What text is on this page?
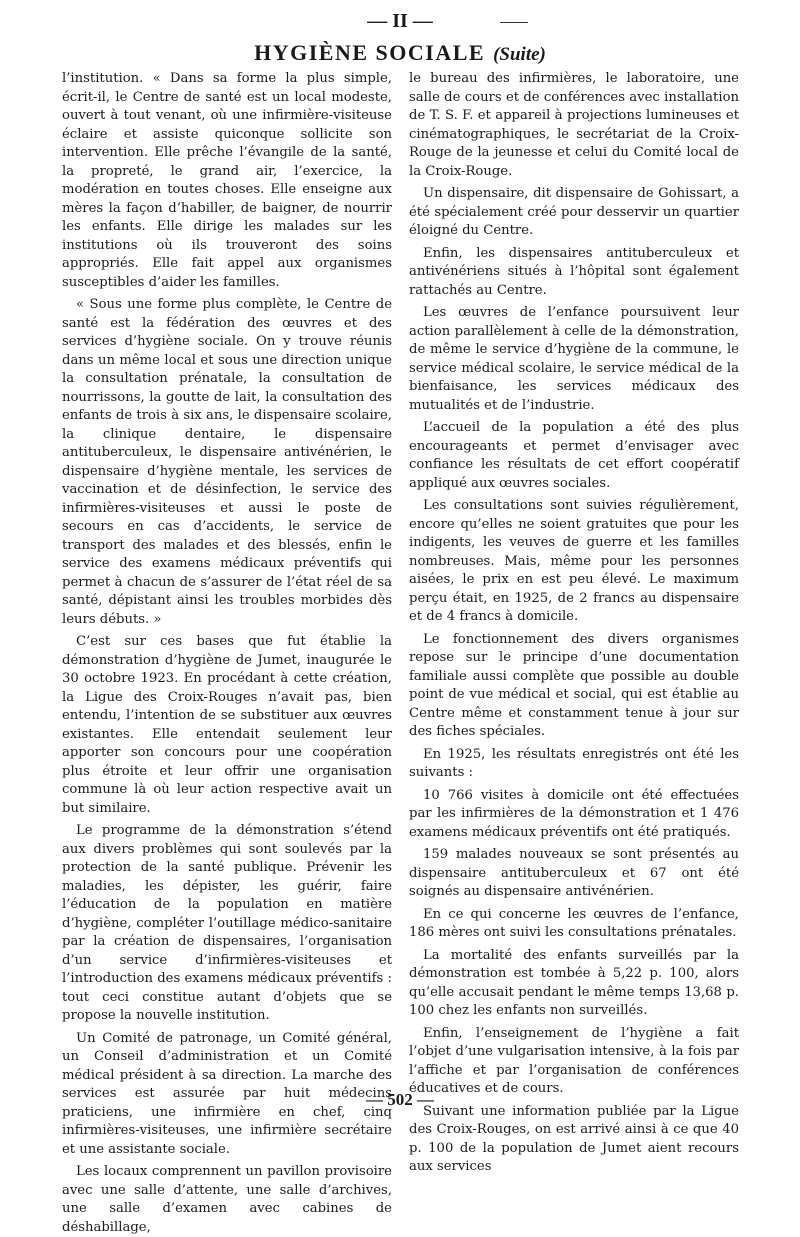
— II —
HYGIÈNE SOCIALE (Suite)

l’institution. « Dans sa forme la plus simple, écrit-il, le Centre de santé est un local modeste, ouvert à tout venant, où une infirmière-visiteuse éclaire et assiste quiconque sollicite son intervention. Elle prêche l’évangile de la santé, la propreté, le grand air, l’exercice, la modération en toutes choses. Elle enseigne aux mères la façon d’habiller, de baigner, de nourrir les enfants. Elle dirige les malades sur les institutions où ils trouveront des soins appropriés. Elle fait appel aux organismes susceptibles d’aider les familles.

« Sous une forme plus complète, le Centre de santé est la fédération des œuvres et des services d’hygiène sociale. On y trouve réunis dans un même local et sous une direction unique la consultation prénatale, la consultation de nourrissons, la goutte de lait, la consultation des enfants de trois à six ans, le dispensaire scolaire, la clinique dentaire, le dispensaire antituberculeux, le dispensaire antivénérien, le dispensaire d’hygiène mentale, les services de vaccination et de désinfection, le service des infirmières-visiteuses et aussi le poste de secours en cas d’accidents, le service de transport des malades et des blessés, enfin le service des examens médicaux préventifs qui permet à chacun de s’assurer de l’état réel de sa santé, dépistant ainsi les troubles morbides dès leurs débuts. »

C’est sur ces bases que fut établie la démonstration d’hygiène de Jumet, inaugurée le 30 octobre 1923. En procédant à cette création, la Ligue des Croix-Rouges n’avait pas, bien entendu, l’intention de se substituer aux œuvres existantes. Elle entendait seulement leur apporter son concours pour une coopération plus étroite et leur offrir une organisation commune là où leur action respective avait un but similaire.

Le programme de la démonstration s’étend aux divers problèmes qui sont soulevés par la protection de la santé publique. Prévenir les maladies, les dépister, les guérir, faire l’éducation de la population en matière d’hygiène, compléter l’outillage médico-sanitaire par la création de dispensaires, l’organisation d’un service d’infirmières-visiteuses et l’introduction des examens médicaux préventifs : tout ceci constitue autant d’objets que se propose la nouvelle institution.

Un Comité de patronage, un Comité général, un Conseil d’administration et un Comité médical président à sa direction. La marche des services est assurée par huit médecins praticiens, une infirmière en chef, cinq infirmières-visiteuses, une infirmière secrétaire et une assistante sociale.

Les locaux comprennent un pavillon provisoire avec une salle d’attente, une salle d’archives, une salle d’examen avec cabines de déshabillage,

le bureau des infirmières, le laboratoire, une salle de cours et de conférences avec installation de T. S. F. et appareil à projections lumineuses et cinématographiques, le secrétariat de la Croix-Rouge de la jeunesse et celui du Comité local de la Croix-Rouge.

Un dispensaire, dit dispensaire de Gohissart, a été spécialement créé pour desservir un quartier éloigné du Centre.

Enfin, les dispensaires antituberculeux et antivénériens situés à l’hôpital sont également rattachés au Centre.

Les œuvres de l’enfance poursuivent leur action parallèlement à celle de la démonstration, de même le service d’hygiène de la commune, le service médical scolaire, le service médical de la bienfaisance, les services médicaux des mutualités et de l’industrie.

L’accueil de la population a été des plus encourageants et permet d’envisager avec confiance les résultats de cet effort coopératif appliqué aux œuvres sociales.

Les consultations sont suivies régulièrement, encore qu’elles ne soient gratuites que pour les indigents, les veuves de guerre et les familles nombreuses. Mais, même pour les personnes aisées, le prix en est peu élevé. Le maximum perçu était, en 1925, de 2 francs au dispensaire et de 4 francs à domicile.

Le fonctionnement des divers organismes repose sur le principe d’une documentation familiale aussi complète que possible au double point de vue médical et social, qui est établie au Centre même et constamment tenue à jour sur des fiches spéciales.

En 1925, les résultats enregistrés ont été les suivants :

10 766 visites à domicile ont été effectuées par les infirmières de la démonstration et 1 476 examens médicaux préventifs ont été pratiqués.

159 malades nouveaux se sont présentés au dispensaire antituberculeux et 67 ont été soignés au dispensaire antivénérien.

En ce qui concerne les œuvres de l’enfance, 186 mères ont suivi les consultations prénatales.

La mortalité des enfants surveillés par la démonstration est tombée à 5,22 p. 100, alors qu’elle accusait pendant le même temps 13,68 p. 100 chez les enfants non surveillés.

Enfin, l’enseignement de l’hygiène a fait l’objet d’une vulgarisation intensive, à la fois par l’affiche et par l’organisation de conférences éducatives et de cours.

Suivant une information publiée par la Ligue des Croix-Rouges, on est arrivé ainsi à ce que 40 p. 100 de la population de Jumet aient recours aux services

— 502 —
